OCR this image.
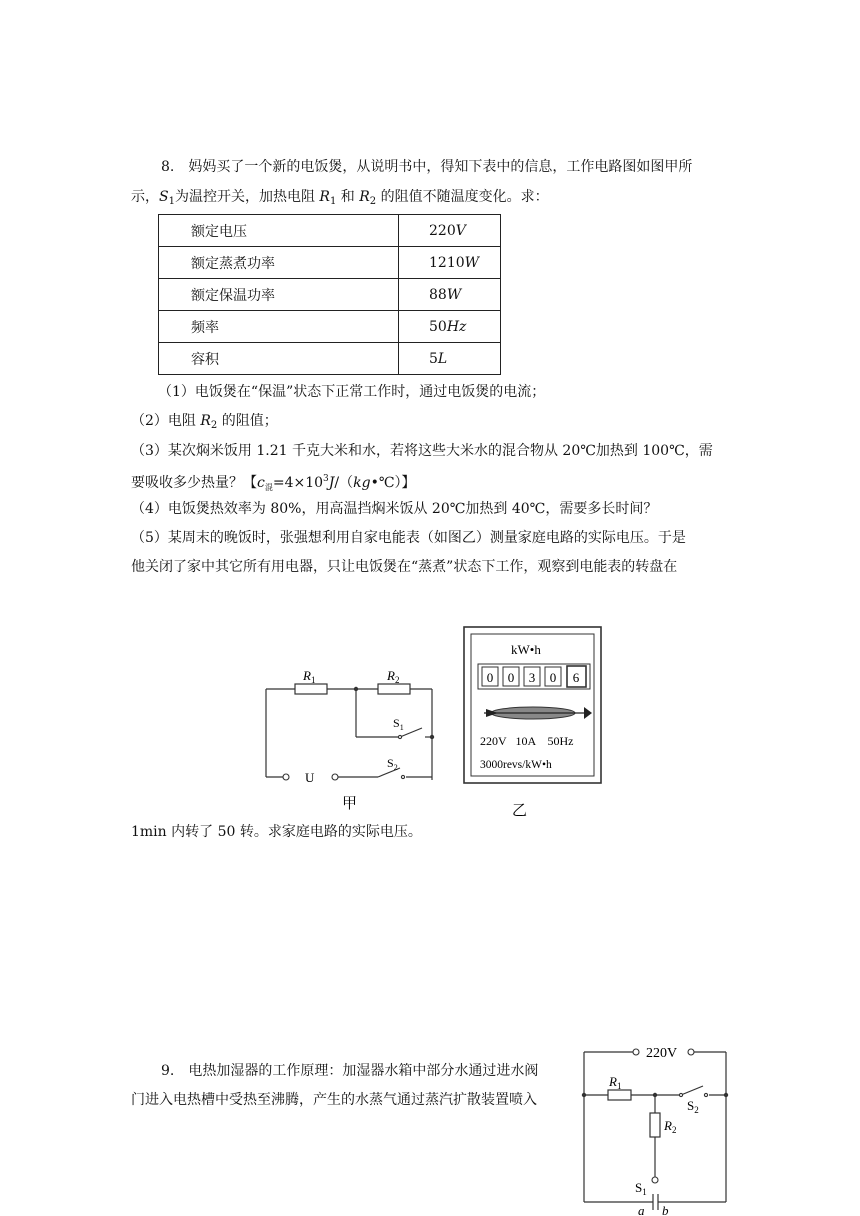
8. 妈妈买了一个新的电饭煲，从说明书中，得知下表中的信息，工作电路图如图甲所
示，$S_1$为温控开关，加热电阻 $R_1$ 和 $R_2$ 的阻值不随温度变化。求：
额定电压	220V
额定蒸煮功率	1210W
额定保温功率	88W
频率	50Hz
容积	5L
（1）电饭煲在“保温”状态下正常工作时，通过电饭煲的电流；
（2）电阻 $R_2$ 的阻值；
（3）某次焖米饭用 1.21 千克大米和水，若将这些大米水的混合物从 20℃加热到 100℃，需
要吸收多少热量？【$c_混=4\times 10^3J/(kg•℃)$】
（4）电饭煲热效率为 80%，用高温挡焖米饭从 20℃加热到 40℃，需要多长时间？
（5）某周末的晚饭时，张强想利用自家电能表（如图乙）测量家庭电路的实际电压。于是
他关闭了家中其它所有用电器，只让电饭煲在“蒸煮”状态下工作，观察到电能表的转盘在
$R_1$	$R_2$
$S_1$
$S_2$
U
甲
kW•h
0 0 3 0 6
220V   10A    50Hz
3000revs/kW•h
乙
1min 内转了 50 转。求家庭电路的实际电压。
9. 电热加湿器的工作原理：加湿器水箱中部分水通过进水阀
门进入电热槽中受热至沸腾，产生的水蒸气通过蒸汽扩散装置喷入
220V
$R_1$
$R_2$
$S_2$
$S_1$
a b
